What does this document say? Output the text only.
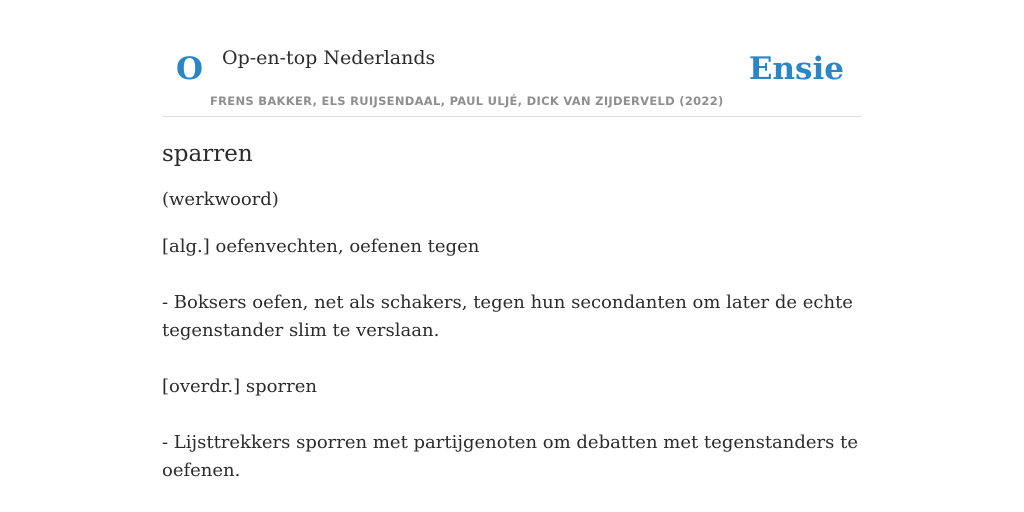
O Op-en-top Nederlands
FRENS BAKKER, ELS RUIJSENDAAL, PAUL ULJÉ, DICK VAN ZIJDERVELD (2022)
Ensie
sparren

(werkwoord)

[alg.] oefenvechten, oefenen tegen

- Boksers oefen, net als schakers, tegen hun secondanten om later de echte tegenstander slim te verslaan.

[overdr.] sporren

- Lijsttrekkers sporren met partijgenoten om debatten met tegenstanders te oefenen.
